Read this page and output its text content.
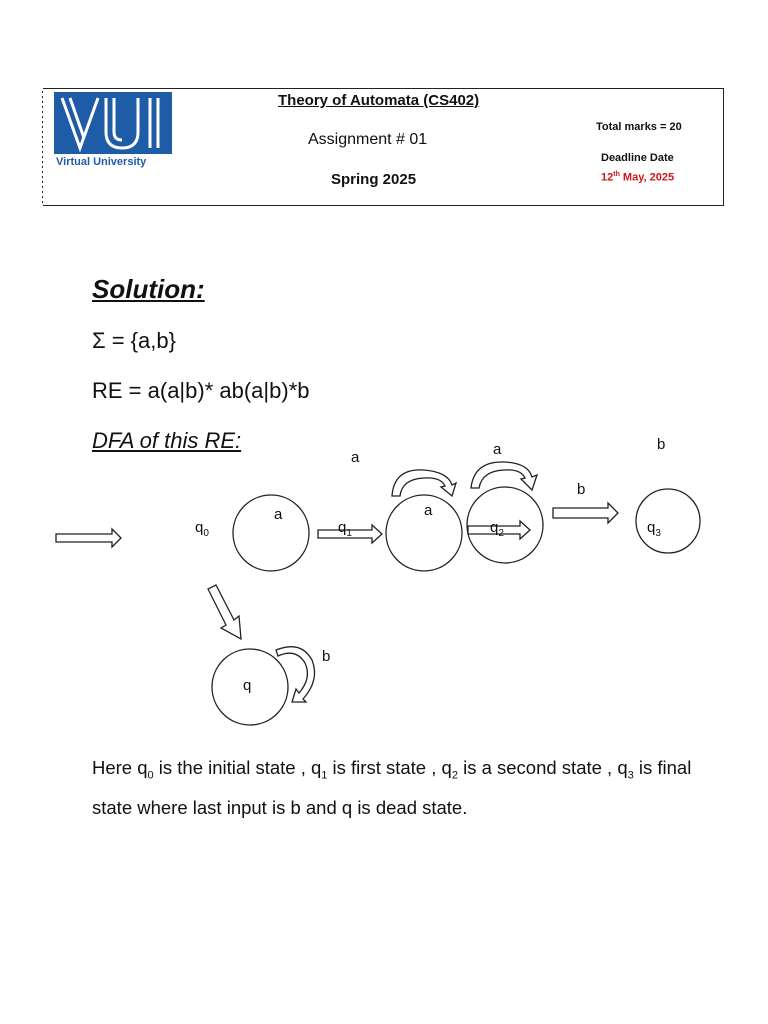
Virtual University
Theory of Automata (CS402)
Assignment # 01
Spring 2025
Total marks = 20
Deadline Date
12th May, 2025
Solution:
Σ = {a,b}
RE = a(a|b)* ab(a|b)*b
DFA of this RE:
$q_0$
a
$q_1$
a
a
a
$q_2$
b
b
$q_3$
q
b
Here $q_0$ is the initial state , $q_1$ is first state , $q_2$ is a second state , $q_3$ is final state where last input is b and q is dead state.
